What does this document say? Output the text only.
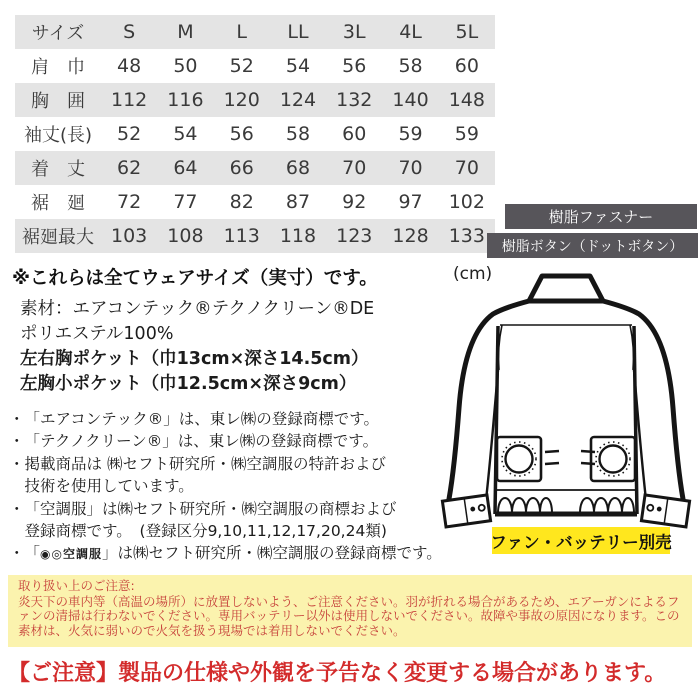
サイズ	S	M	L	LL	3L	4L	5L
肩　巾	48	50	52	54	56	58	60
胸　囲	112	116	120	124	132	140	148
袖丈(長)	52	54	56	58	60	59	59
着　丈	62	64	66	68	70	70	70
裾　廻	72	77	82	87	92	97	102
裾廻最大	103	108	113	118	123	128	133
※これらは全てウェアサイズ（実寸）です。	(cm)
素材：エアコンテック®テクノクリーン®DE
ポリエステル100%
左右胸ポケット（巾13cm×深さ14.5cm）
左胸小ポケット（巾12.5cm×深さ9cm）
・ 「エアコンテック®」は、東レ㈱の登録商標です。
・ 「テクノクリーン®」は、東レ㈱の登録商標です。
・ 掲載商品は ㈱セフト研究所・㈱空調服の特許および
技術を使用しています。
・ 「空調服」は㈱セフト研究所・㈱空調服の商標および
登録商標です。　(登録区分9,10,11,12,17,20,24類)
・ 「◉◎空調服」は㈱セフト研究所・㈱空調服の登録商標です。
樹脂ファスナー
樹脂ボタン（ドットボタン）
ファン・バッテリー別売
取り扱い上のご注意:
炎天下の車内等（高温の場所）に放置しないよう、ご注意ください。羽が折れる場合があるため、エアーガンによるファンの清掃は行わないでください。専用バッテリー以外は使用しないでください。故障や事故の原因になります。この素材は、火気に弱いので火気を扱う現場では着用しないでください。
【ご注意】製品の仕様や外観を予告なく変更する場合があります。
